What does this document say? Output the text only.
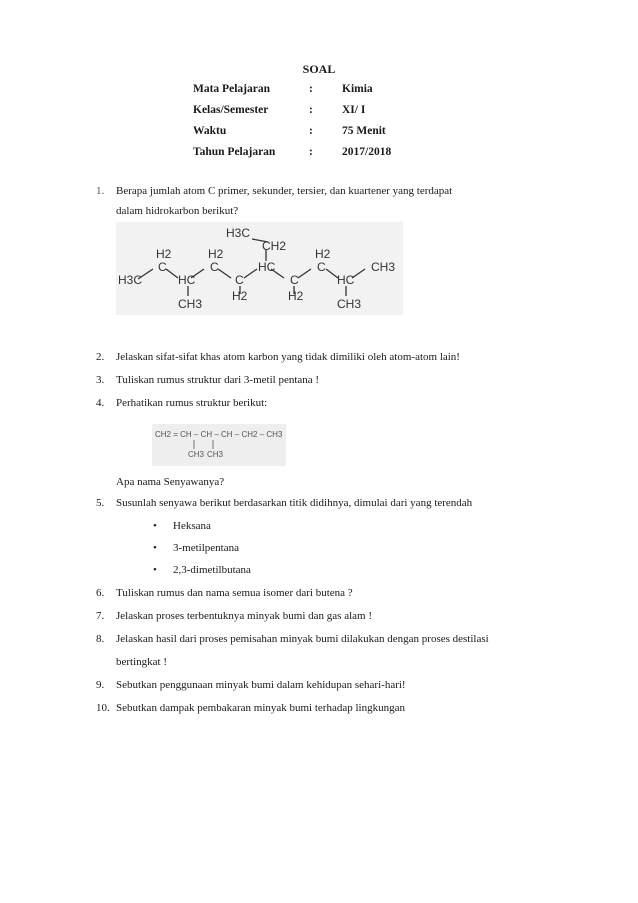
SOAL
Mata Pelajaran	:	Kimia
Kelas/Semester	:	XI/ I
Waktu	:	75 Menit
Tahun Pelajaran	:	2017/2018
1.	Berapa jumlah atom C primer, sekunder, tersier, dan kuartener yang terdapat
dalam hidrokarbon berikut?
H3C
CH2
H2
C
H3C	HC
CH3
H2
C
C
H2
HC
C
H2
H2
C	CH3
HC
CH3
2.	Jelaskan sifat-sifat khas atom karbon yang tidak dimiliki oleh atom-atom lain!
3.	Tuliskan rumus struktur dari 3-metil pentana !
4.	Perhatikan rumus struktur berikut:
CH2 = CH – CH – CH – CH2 – CH3
CH3 CH3
Apa nama Senyawanya?
5.	Susunlah senyawa berikut berdasarkan titik didihnya, dimulai dari yang terendah
• Heksana
• 3-metilpentana
• 2,3-dimetilbutana
6.	Tuliskan rumus dan nama semua isomer dari butena ?
7.	Jelaskan proses terbentuknya minyak bumi dan gas alam !
8.	Jelaskan hasil dari proses pemisahan minyak bumi dilakukan dengan proses destilasi
bertingkat !
9.	Sebutkan penggunaan minyak bumi dalam kehidupan sehari-hari!
10. Sebutkan dampak pembakaran minyak bumi terhadap lingkungan
